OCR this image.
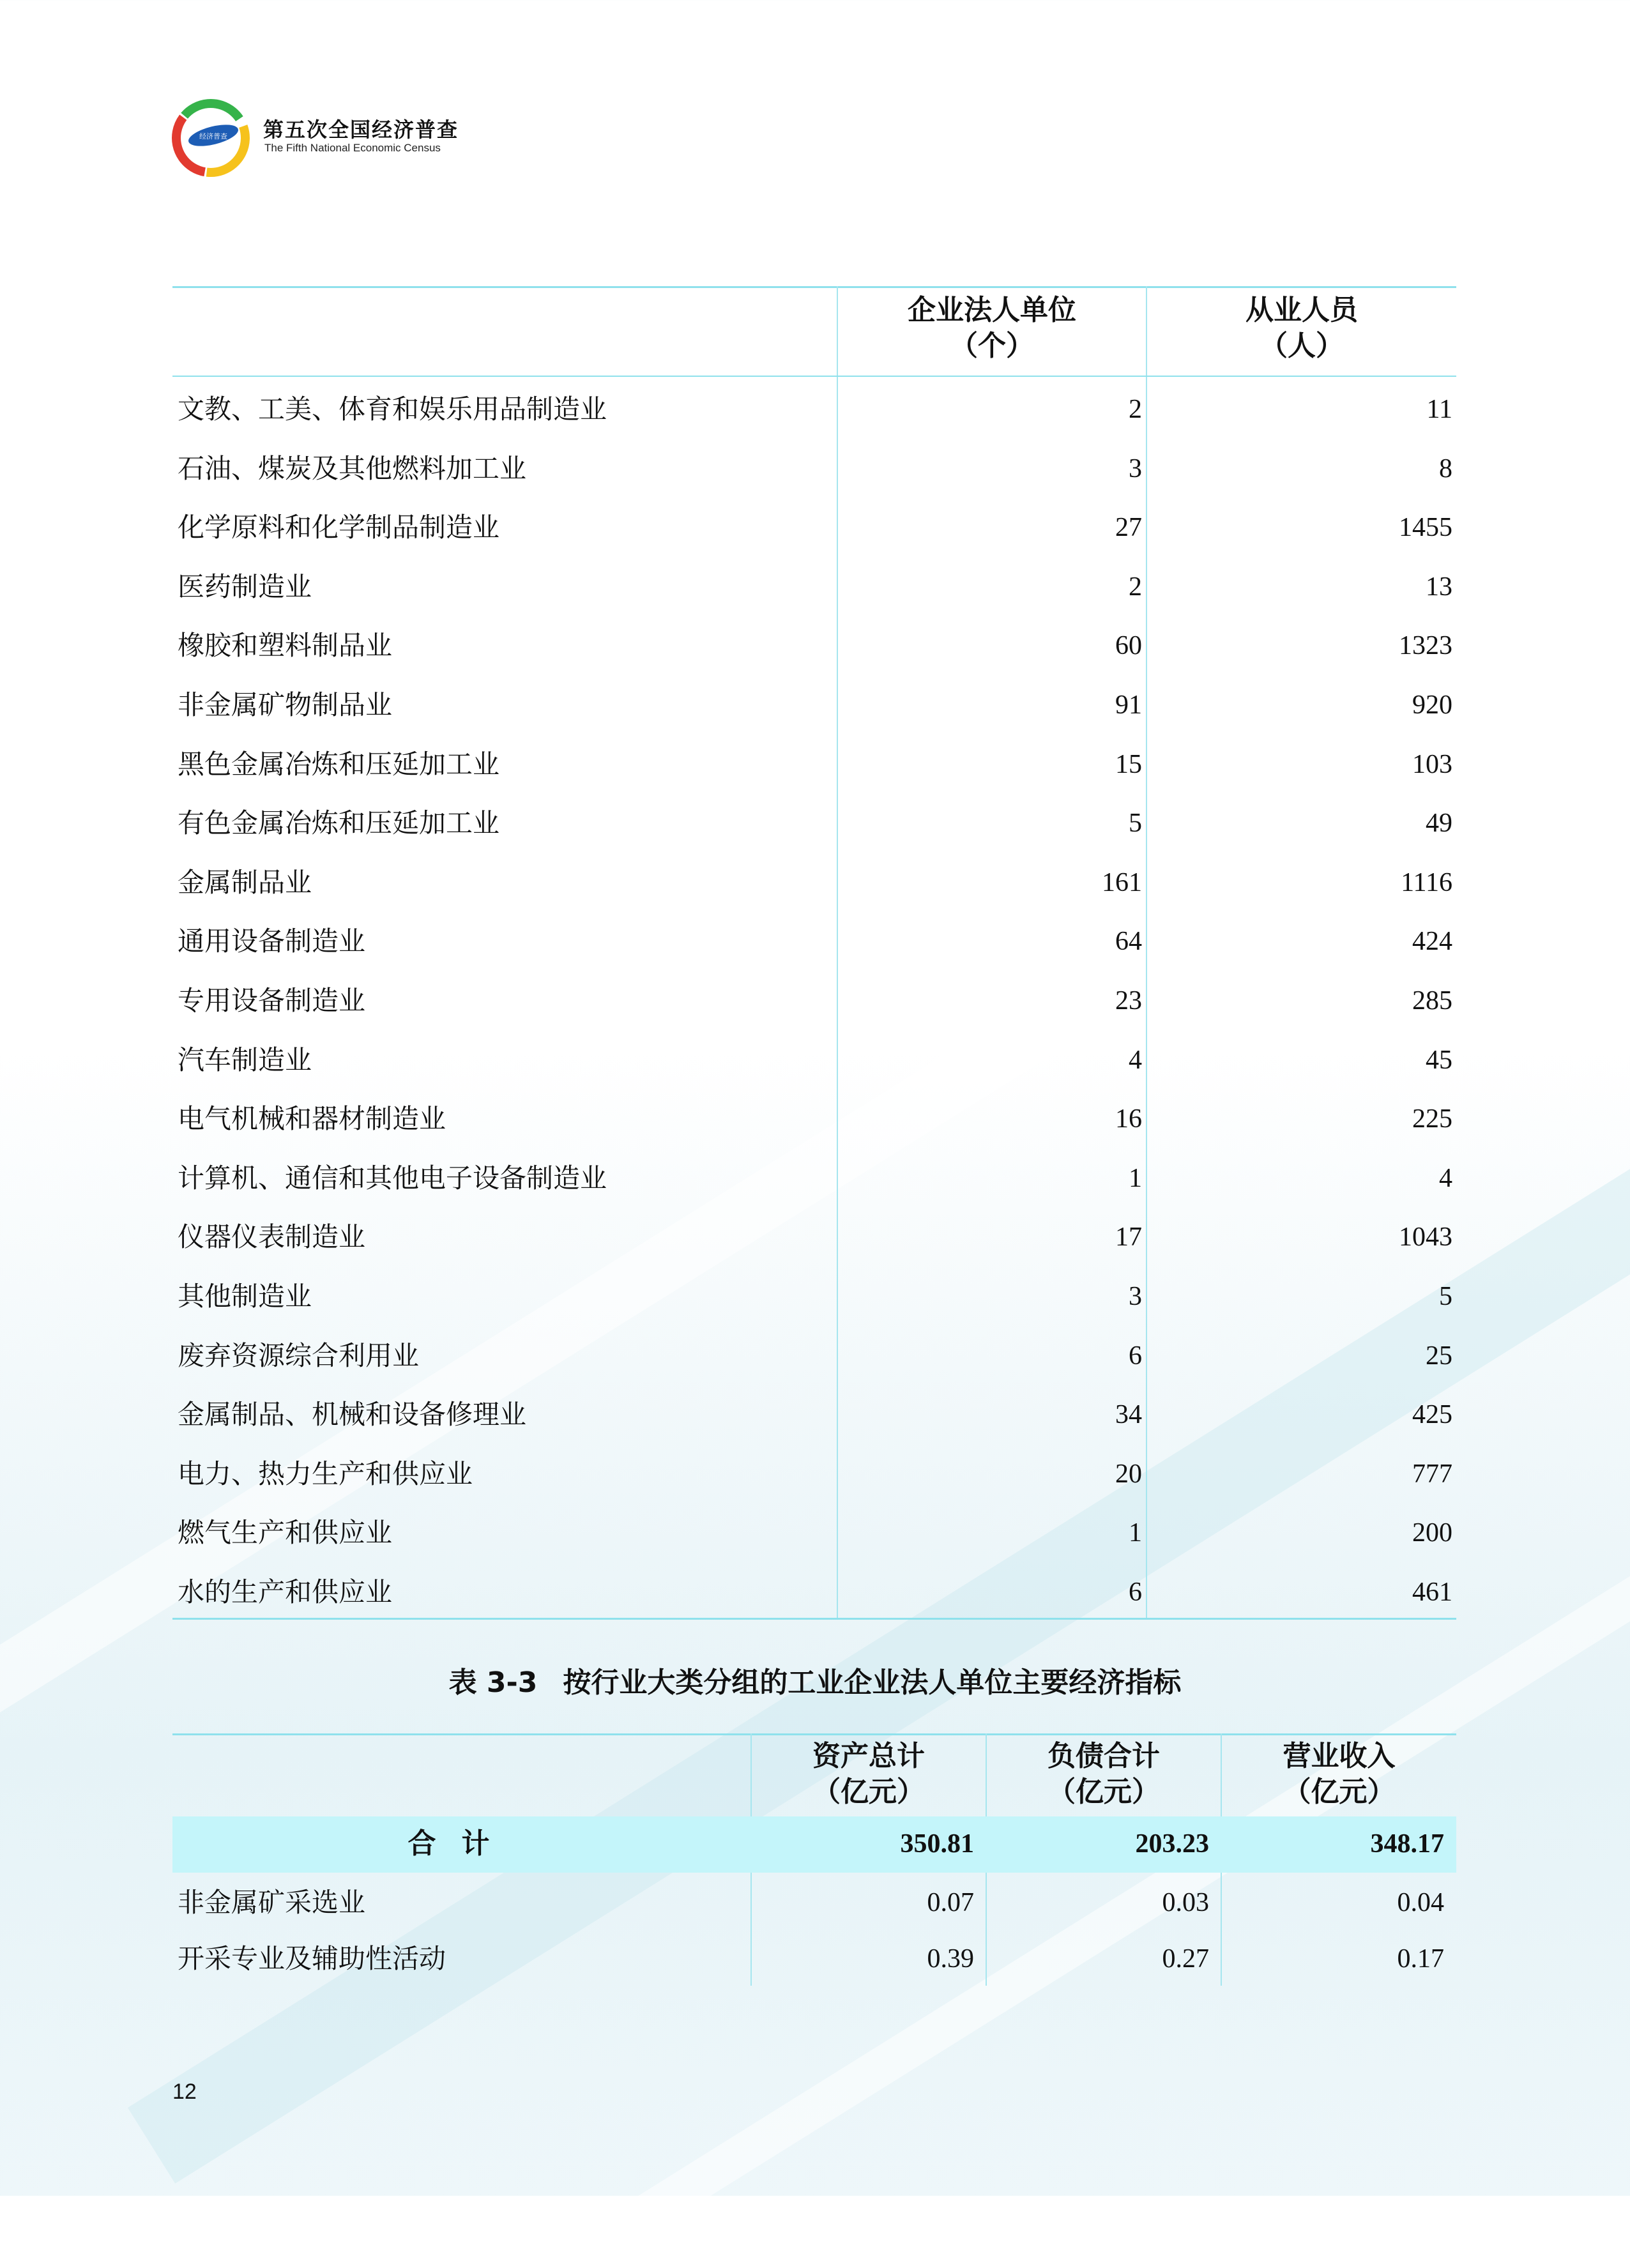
经济普查 第五次全国经济普查
The Fifth National Economic Census
企业法人单位
（个）
从业人员
（人）
文教、工美、体育和娱乐用品制造业	2	11
石油、煤炭及其他燃料加工业	3	8
化学原料和化学制品制造业	27	1455
医药制造业	2	13
橡胶和塑料制品业	60	1323
非金属矿物制品业	91	920
黑色金属冶炼和压延加工业	15	103
有色金属冶炼和压延加工业	5	49
金属制品业	161	1116
通用设备制造业	64	424
专用设备制造业	23	285
汽车制造业	4	45
电气机械和器材制造业	16	225
计算机、通信和其他电子设备制造业	1	4
仪器仪表制造业	17	1043
其他制造业	3	5
废弃资源综合利用业	6	25
金属制品、机械和设备修理业	34	425
电力、热力生产和供应业	20	777
燃气生产和供应业	1	200
水的生产和供应业	6	461
表 3-3 按行业大类分组的工业企业法人单位主要经济指标
资产总计
（亿元）
负债合计
（亿元）
营业收入
（亿元）
合计	350.81	203.23	348.17
非金属矿采选业	0.07	0.03	0.04
开采专业及辅助性活动	0.39	0.27	0.17
12
